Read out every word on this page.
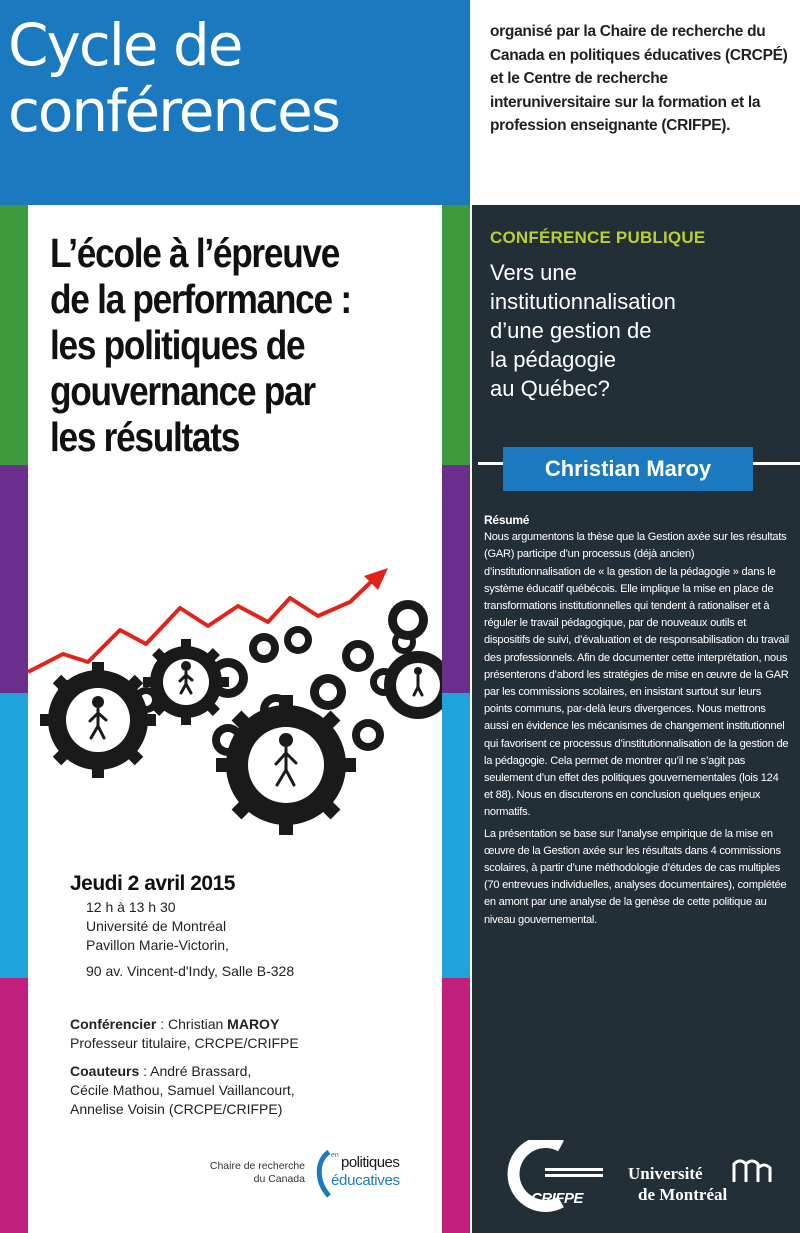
Cycle de
conférences
L’école à l’épreuve
de la performance :
les politiques de
gouvernance par
les résultats
Jeudi 2 avril 2015
12 h à 13 h 30
Université de Montréal
Pavillon Marie-Victorin,
90 av. Vincent-d'Indy, Salle B-328
Conférencier : Christian MAROY
Professeur titulaire, CRCPE/CRIFPE
Coauteurs : André Brassard,
Cécile Mathou, Samuel Vaillancourt,
Annelise Voisin (CRCPE/CRIFPE)
Chaire de recherche
du Canada
en politiques
éducatives
organisé par la Chaire de recherche du Canada en politiques éducatives (CRCPÉ) et le Centre de recherche interuniversitaire sur la formation et la profession enseignante (CRIFPE).
CONFÉRENCE PUBLIQUE
Vers une
institutionnalisation
d’une gestion de
la pédagogie
au Québec?
Christian Maroy
Résumé

Nous argumentons la thèse que la Gestion axée sur les résultats (GAR) participe d’un processus (déjà ancien) d’institutionnalisation de « la gestion de la pédagogie » dans le système éducatif québécois. Elle implique la mise en place de transformations institutionnelles qui tendent à rationaliser et à réguler le travail pédagogique, par de nouveaux outils et dispositifs de suivi, d’évaluation et de responsabilisation du travail des professionnels. Afin de documenter cette interprétation, nous présenterons d’abord les stratégies de mise en œuvre de la GAR par les commissions scolaires, en insistant surtout sur leurs points communs, par-delà leurs divergences. Nous mettrons aussi en évidence les mécanismes de changement institutionnel qui favorisent ce processus d’institutionnalisation de la gestion de la pédagogie. Cela permet de montrer qu’il ne s’agit pas seulement d’un effet des politiques gouvernementales (lois 124 et 88). Nous en discuterons en conclusion quelques enjeux normatifs.

La présentation se base sur l’analyse empirique de la mise en œuvre de la Gestion axée sur les résultats dans 4 commissions scolaires, à partir d’une méthodologie d’études de cas multiples (70 entrevues individuelles, analyses documentaires), complétée en amont par une analyse de la genèse de cette politique au niveau gouvernemental.

CRIFPE
Université
de Montréal
